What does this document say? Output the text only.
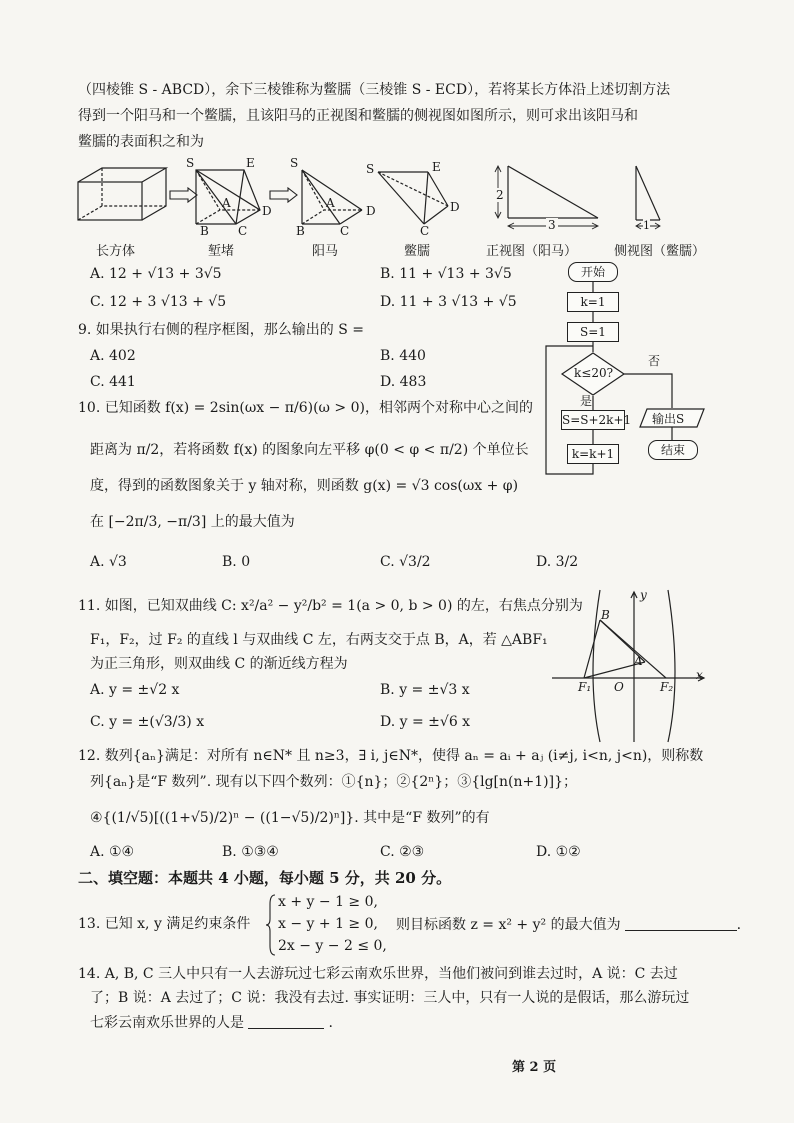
（四棱锥 S - ABCD），余下三棱锥称为鳖臑（三棱锥 S - ECD），若将某长方体沿上述切割方法
得到一个阳马和一个鳖臑，且该阳马的正视图和鳖臑的侧视图如图所示，则可求出该阳马和
鳖臑的表面积之和为
长方体
S	E
A
B C
D
堑堵
S
A
B	C
D
阳马
S	E
C
D
鳖臑
2
3
正视图（阳马）
1
侧视图（鳖臑）
A. 12 + √13 + 3√5	B. 11 + √13 + 3√5
C. 12 + 3 √13 + √5	D. 11 + 3 √13 + √5
9. 如果执行右侧的程序框图，那么输出的 S =
A. 402	B. 440
C. 441	D. 483
开始
k=1
S=1
k≤20?
否
是
S=S+2k+1
k=k+1
输出S
结束
10. 已知函数 f(x) = 2sin(ωx − π/6)(ω > 0)，相邻两个对称中心之间的
距离为 π/2，若将函数 f(x) 的图象向左平移 φ(0 < φ < π/2) 个单位长
度，得到的函数图象关于 y 轴对称，则函数 g(x) = √3 cos(ωx + φ)
在 [−2π/3, −π/3] 上的最大值为
A. √3	B. 0	C. √3/2	D. 3/2
11. 如图，已知双曲线 C: x²/a² − y²/b² = 1(a > 0, b > 0) 的左，右焦点分别为
F₁，F₂，过 F₂ 的直线 l 与双曲线 C 左，右两支交于点 B，A，若 △ABF₁
为正三角形，则双曲线 C 的渐近线方程为
A. y = ±√2 x	B. y = ±√3 x
C. y = ±(√3/3) x	D. y = ±√6 x
B
A
F₁ O	F₂
x
y
12. 数列{aₙ}满足：对所有 n∈N* 且 n≥3，∃ i, j∈N*，使得 aₙ = aᵢ + aⱼ (i≠j, i<n, j<n)，则称数
列{aₙ}是“F 数列”. 现有以下四个数列：①{n}；②{2ⁿ}；③{lg[n(n+1)]}；
④{(1/√5)[((1+√5)/2)ⁿ − ((1−√5)/2)ⁿ]}. 其中是“F 数列”的有
A. ①④	B. ①③④	C. ②③	D. ①②
二、填空题：本题共 4 小题，每小题 5 分，共 20 分。
13. 已知 x, y 满足约束条件
x + y − 1 ≥ 0,
x − y + 1 ≥ 0,
2x − y − 2 ≤ 0,
则目标函数 z = x² + y² 的最大值为	.
14. A, B, C 三人中只有一人去游玩过七彩云南欢乐世界，当他们被问到谁去过时，A 说：C 去过
了；B 说：A 去过了；C 说：我没有去过. 事实证明：三人中，只有一人说的是假话，那么游玩过
七彩云南欢乐世界的人是	.
第 2 页
